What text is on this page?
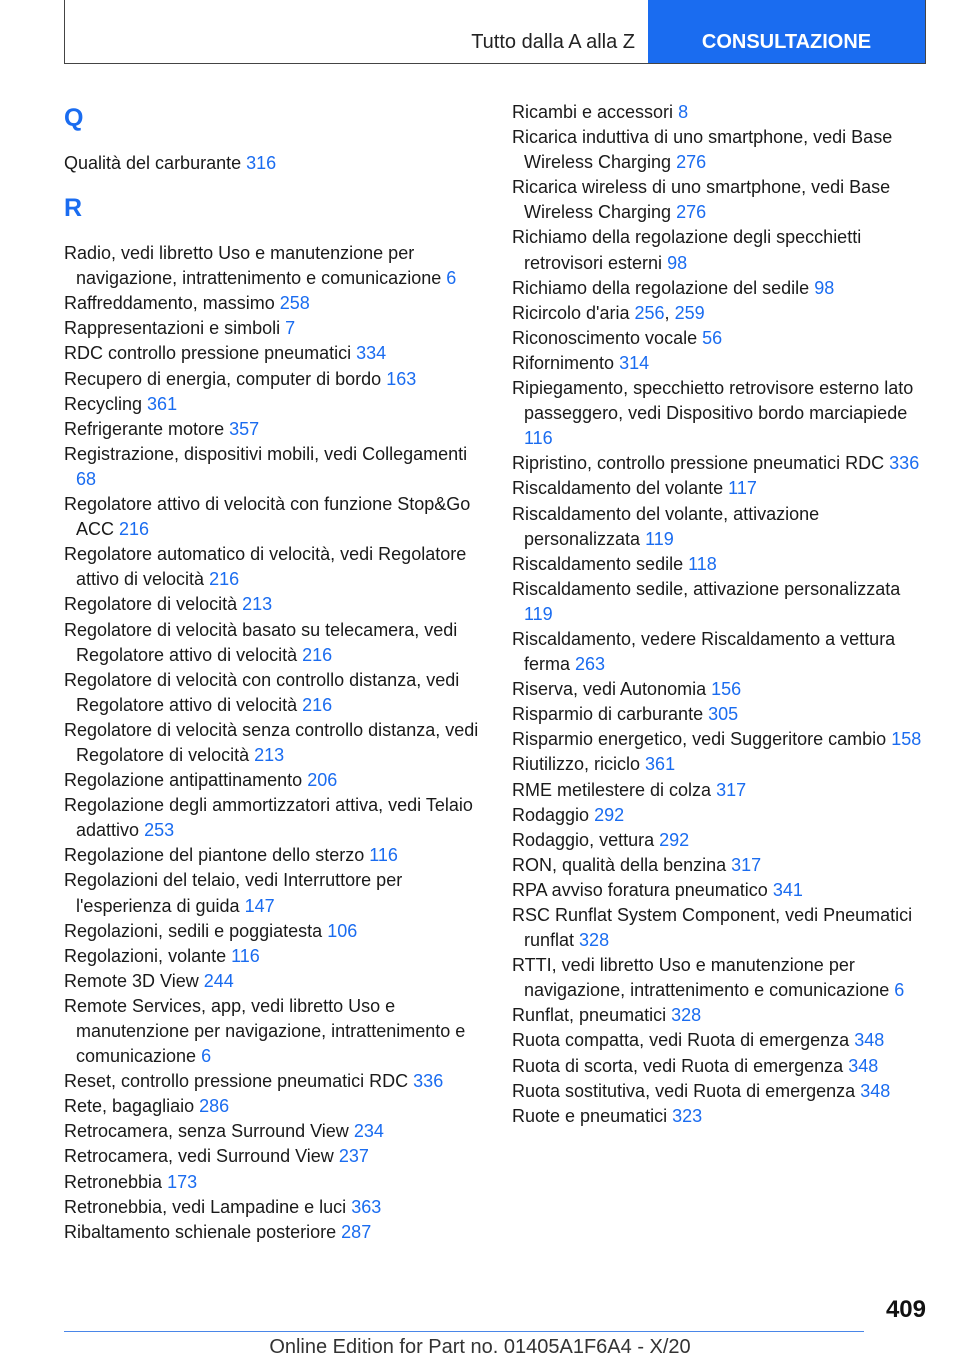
Tutto dalla A alla Z	CONSULTAZIONE
Q
Qualità del carburante 316
R
Radio, vedi libretto Uso e manutenzione per navigazione, intrattenimento e comunicazione 6
Raffreddamento, massimo 258
Rappresentazioni e simboli 7
RDC controllo pressione pneumatici 334
Recupero di energia, computer di bordo 163
Recycling 361
Refrigerante motore 357
Registrazione, dispositivi mobili, vedi Collegamenti 68
Regolatore attivo di velocità con funzione Stop&Go ACC 216
Regolatore automatico di velocità, vedi Regolatore attivo di velocità 216
Regolatore di velocità 213
Regolatore di velocità basato su telecamera, vedi Regolatore attivo di velocità 216
Regolatore di velocità con controllo distanza, vedi Regolatore attivo di velocità 216
Regolatore di velocità senza controllo distanza, vedi Regolatore di velocità 213
Regolazione antipattinamento 206
Regolazione degli ammortizzatori attiva, vedi Telaio adattivo 253
Regolazione del piantone dello sterzo 116
Regolazioni del telaio, vedi Interruttore per l'esperienza di guida 147
Regolazioni, sedili e poggiatesta 106
Regolazioni, volante 116
Remote 3D View 244
Remote Services, app, vedi libretto Uso e manutenzione per navigazione, intrattenimento e comunicazione 6
Reset, controllo pressione pneumatici RDC 336
Rete, bagagliaio 286
Retrocamera, senza Surround View 234
Retrocamera, vedi Surround View 237
Retronebbia 173
Retronebbia, vedi Lampadine e luci 363
Ribaltamento schienale posteriore 287
Ricambi e accessori 8
Ricarica induttiva di uno smartphone, vedi Base Wireless Charging 276
Ricarica wireless di uno smartphone, vedi Base Wireless Charging 276
Richiamo della regolazione degli specchietti retrovisori esterni 98
Richiamo della regolazione del sedile 98
Ricircolo d'aria 256, 259
Riconoscimento vocale 56
Rifornimento 314
Ripiegamento, specchietto retrovisore esterno lato passeggero, vedi Dispositivo bordo marciapiede 116
Ripristino, controllo pressione pneumatici RDC 336
Riscaldamento del volante 117
Riscaldamento del volante, attivazione personalizzata 119
Riscaldamento sedile 118
Riscaldamento sedile, attivazione personalizzata 119
Riscaldamento, vedere Riscaldamento a vettura ferma 263
Riserva, vedi Autonomia 156
Risparmio di carburante 305
Risparmio energetico, vedi Suggeritore cambio 158
Riutilizzo, riciclo 361
RME metilestere di colza 317
Rodaggio 292
Rodaggio, vettura 292
RON, qualità della benzina 317
RPA avviso foratura pneumatico 341
RSC Runflat System Component, vedi Pneumatici runflat 328
RTTI, vedi libretto Uso e manutenzione per navigazione, intrattenimento e comunicazione 6
Runflat, pneumatici 328
Ruota compatta, vedi Ruota di emergenza 348
Ruota di scorta, vedi Ruota di emergenza 348
Ruota sostitutiva, vedi Ruota di emergenza 348
Ruote e pneumatici 323
409
Online Edition for Part no. 01405A1F6A4 - X/20
